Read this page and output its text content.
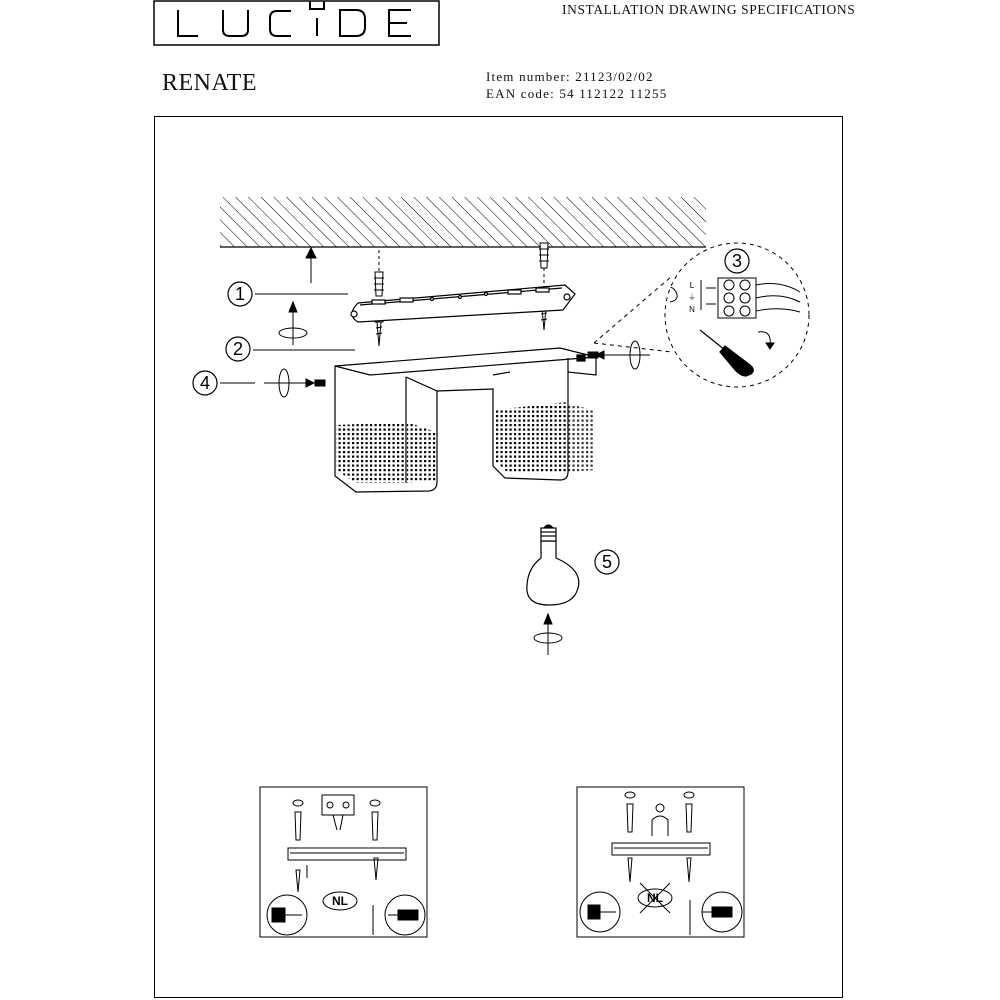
INSTALLATION DRAWING SPECIFICATIONS
RENATE	Item number: 21123/02/02
EAN code: 54 112122 11255
1
2
4
L
⏚
N
3
5
NL	NL
